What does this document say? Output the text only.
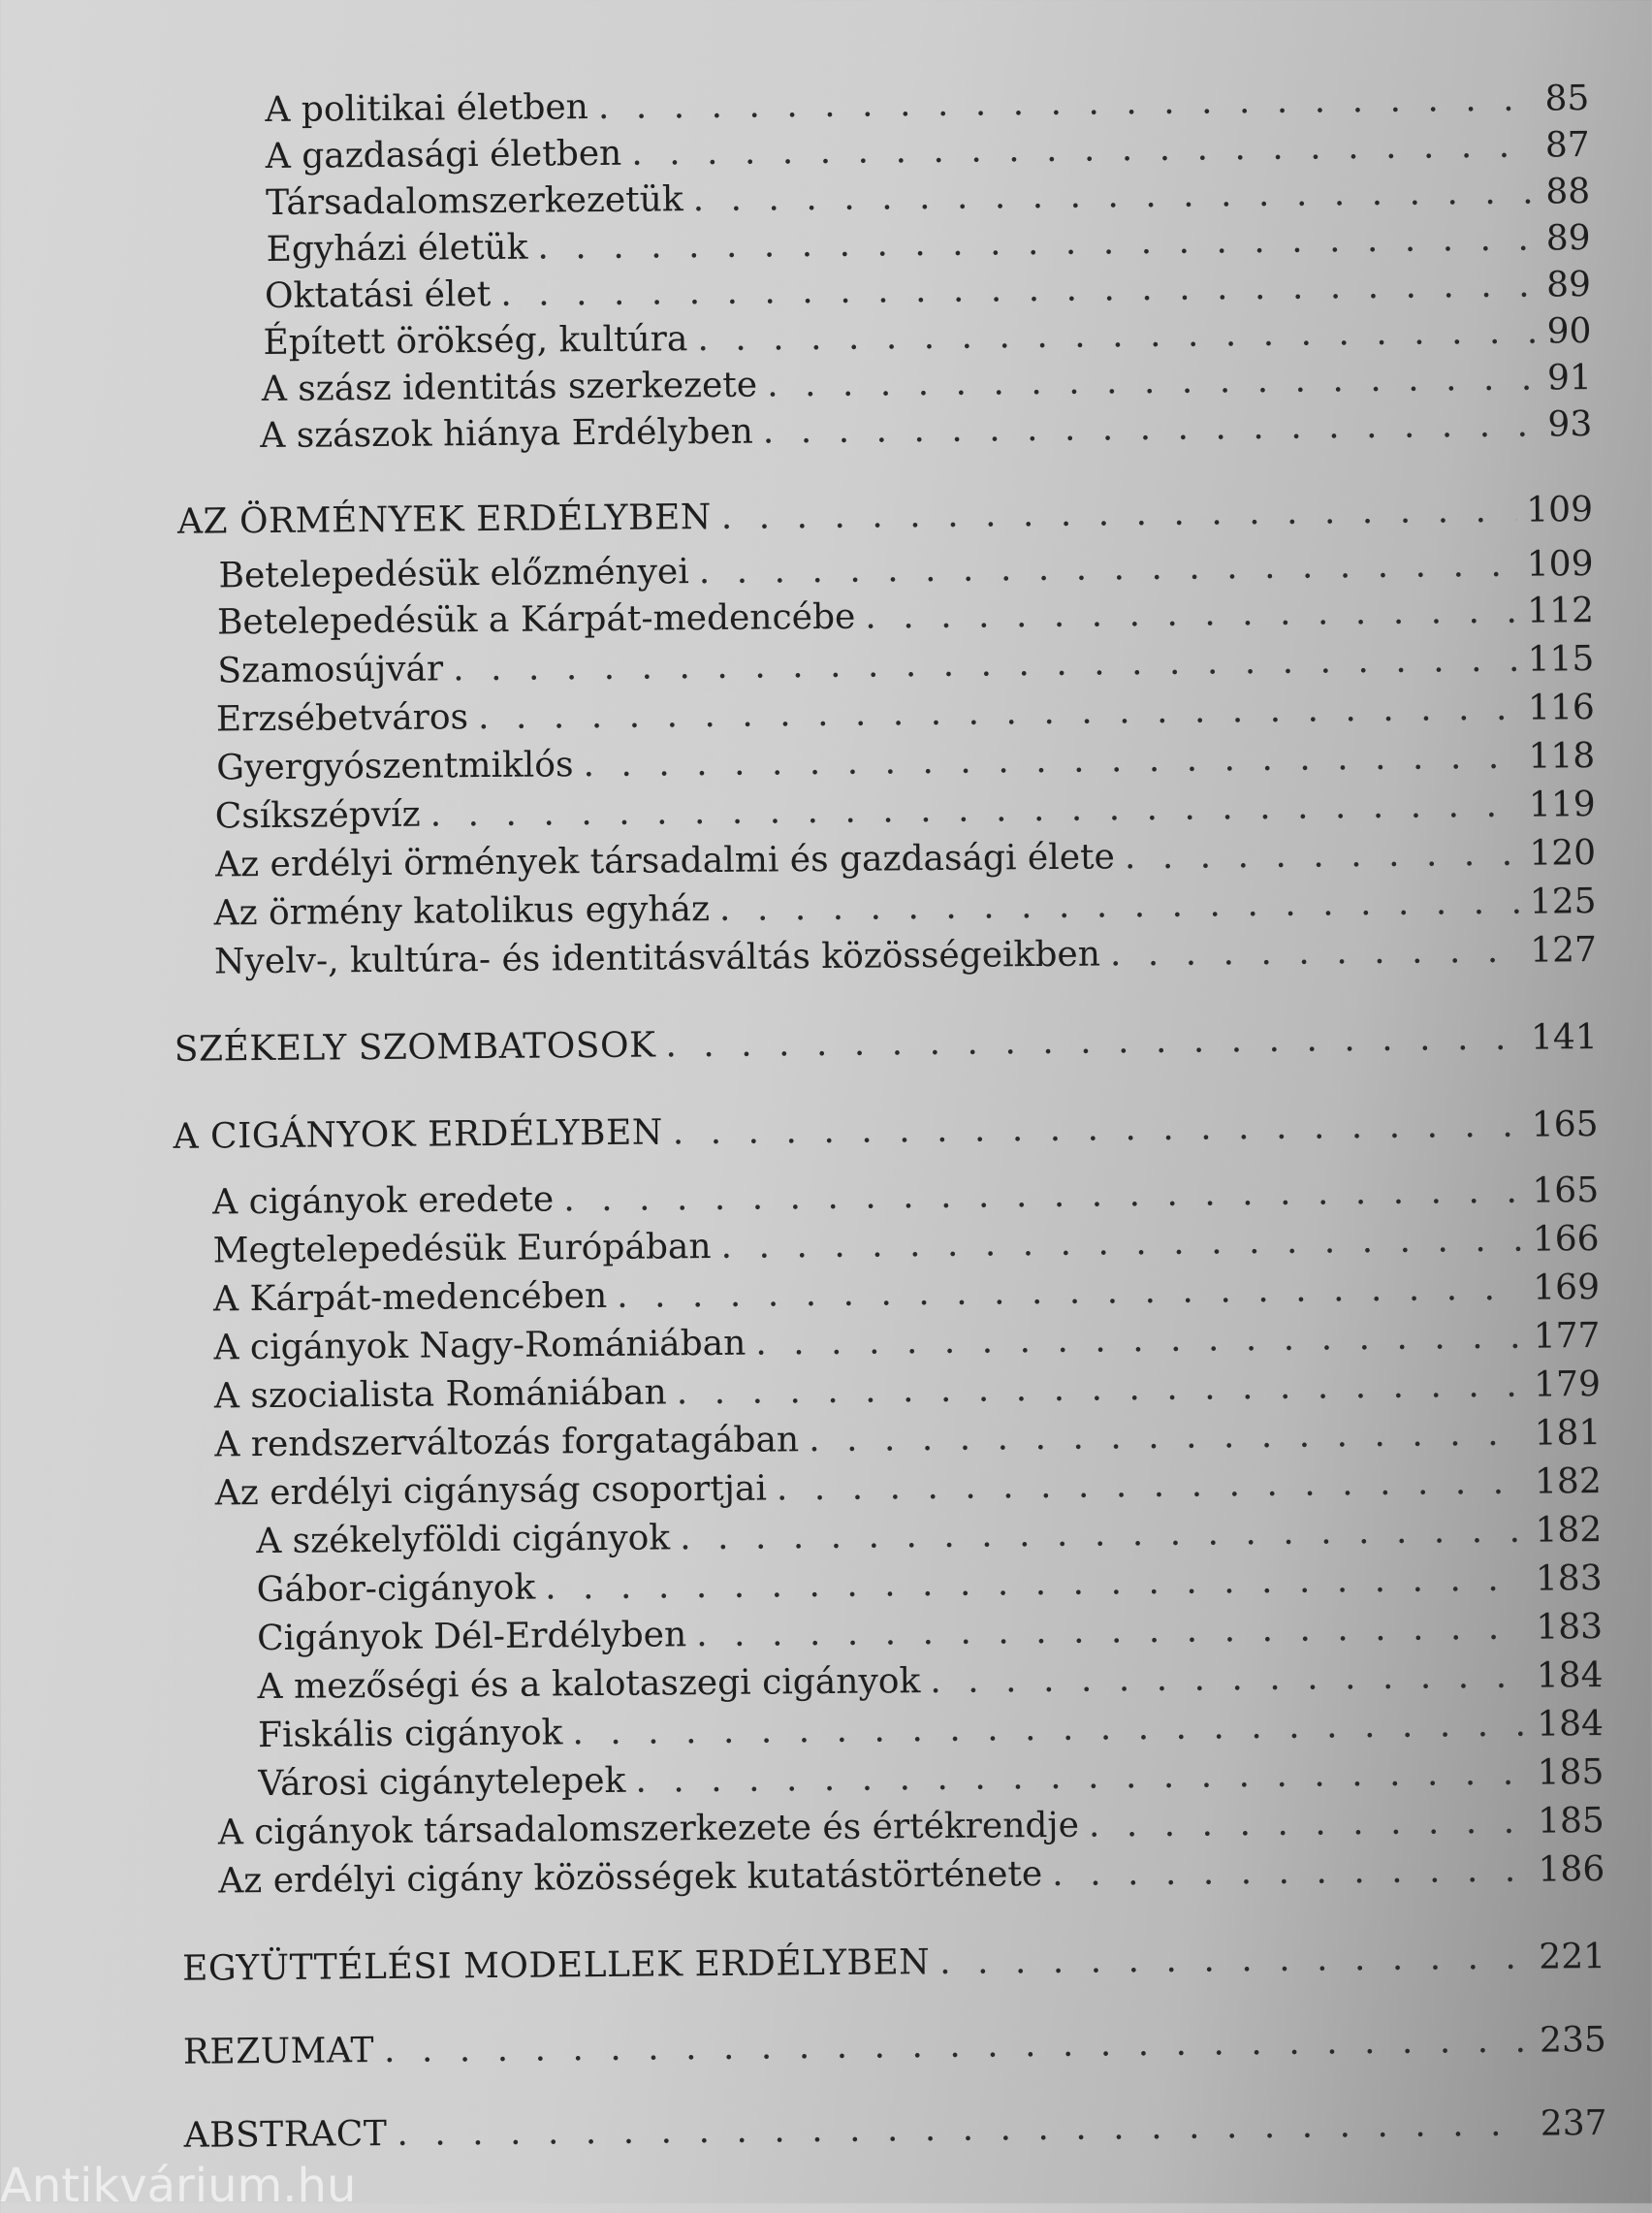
A politikai életben . . .	85
A gazdasági életben . . .	87
Társadalomszerkezetük . . .	88
Egyházi életük . . .	89
Oktatási élet . . .	89
Épített örökség, kultúra . . .	90
A szász identitás szerkezete . . .	91
A szászok hiánya Erdélyben . . .	93
AZ ÖRMÉNYEK ERDÉLYBEN . . .	109
Betelepedésük előzményei . . .	109
Betelepedésük a Kárpát-medencébe . . .	112
Szamosújvár . . .	115
Erzsébetváros . . .	116
Gyergyószentmiklós . . .	118
Csíkszépvíz . . .	119
Az erdélyi örmények társadalmi és gazdasági élete . . .	120
Az örmény katolikus egyház . . .	125
Nyelv-, kultúra- és identitásváltás közösségeikben . . .	127
SZÉKELY SZOMBATOSOK . . .	141
A CIGÁNYOK ERDÉLYBEN . . .	165
A cigányok eredete . . .	165
Megtelepedésük Európában . . .	166
A Kárpát-medencében . . .	169
A cigányok Nagy-Romániában . . .	177
A szocialista Romániában . . .	179
A rendszerváltozás forgatagában . . .	181
Az erdélyi cigányság csoportjai . . .	182
A székelyföldi cigányok . . .	182
Gábor-cigányok . . .	183
Cigányok Dél-Erdélyben . . .	183
A mezőségi és a kalotaszegi cigányok . . .	184
Fiskális cigányok . . .	184
Városi cigánytelepek . . .	185
A cigányok társadalomszerkezete és értékrendje . . .	185
Az erdélyi cigány közösségek kutatástörténete . . .	186
EGYÜTTÉLÉSI MODELLEK ERDÉLYBEN . . .	221
REZUMAT . . .	235
ABSTRACT . . .	237
Antikvárium.hu
